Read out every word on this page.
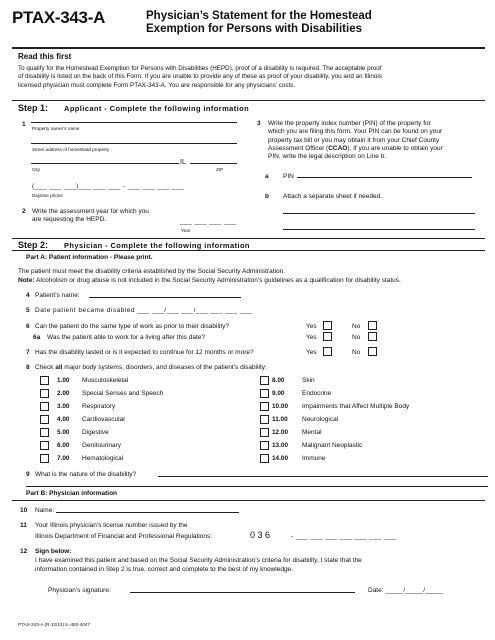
PTAX-343-A	Physician’s Statement for the Homestead
Exemption for Persons with Disabilities
Read this first
To qualify for the Homestead Exemption for Persons with Disabilities (HEPD), proof of a disability is required. The acceptable proof
of disability is listed on the back of this Form. If you are unable to provide any of these as proof of your disability, you and an Illinois
licensed physician must complete Form PTAX-343-A. You are responsible for any physicians’ costs.
Step 1: Applicant - Complete the following information
1
Property owner’s name
Street address of homestead property
IL
City	ZIP
(___ ___ ___)___ ___ ___ - ___ ___ ___ ___
Daytime phone
2 Write the assessment year for which you
are requesting the HEPD.	___ ___ ___ ___
Year
3 Write the property index number (PIN) of the property for
which you are filing this form. Your PIN can be found on your
property tax bill or you may obtain it from your Chief County
Assessment Officer (CCAO). If you are unable to obtain your
PIN, write the legal description on Line b.
a PIN
b Attach a separate sheet if needed.
Step 2: Physician - Complete the following information
Part A: Patient information - Please print.
The patient must meet the disability criteria established by the Social Security Administration.
Note: Alcoholism or drug abuse is not included in the Social Security Administration’s guidelines as a qualification for disability status.
4 Patient’s name:
5 Date patient became disabled ___ ___/___ ___/___ ___ ___ ___
6 Can the patient do the same type of work as prior to their disability?
6a Was the patient able to work for a living after this date?
7 Has the disability lasted or is it expected to continue for 12 months or more?
Yes	No
Yes	No
Yes	No
8 Check all major body systems, disorders, and diseases of the patient’s disability:
1.00 Musculoskeletal
2.00 Special Senses and Speech
3.00 Respiratory
4.00 Cardiovascular
5.00 Digestive
6.00 Genitourinary
7.00 Hematological
8.00	Skin
9.00	Endocrine
10.00 Impairments that Affect Multiple Body
11.00 Neurological
12.00 Mental
13.00 Malignant Neoplastic
14.00 Immune
9 What is the nature of the disability?
Part B: Physician information
10 Name:
11 Your Illinois physician’s license number issued by the
Illinois Department of Financial and Professional Regulations:	0 3 6	- ___ ___ ___ ___ ___ ___ ___
12 Sign below:
I have examined this patient and based on the Social Security Administration’s criteria for disability, I state that the
information contained in Step 2 is true, correct and complete to the best of my knowledge.
Physician’s signature:	Date: _____/_____/_____
PTAX-343-A (R-12/13) IL-492-4047
